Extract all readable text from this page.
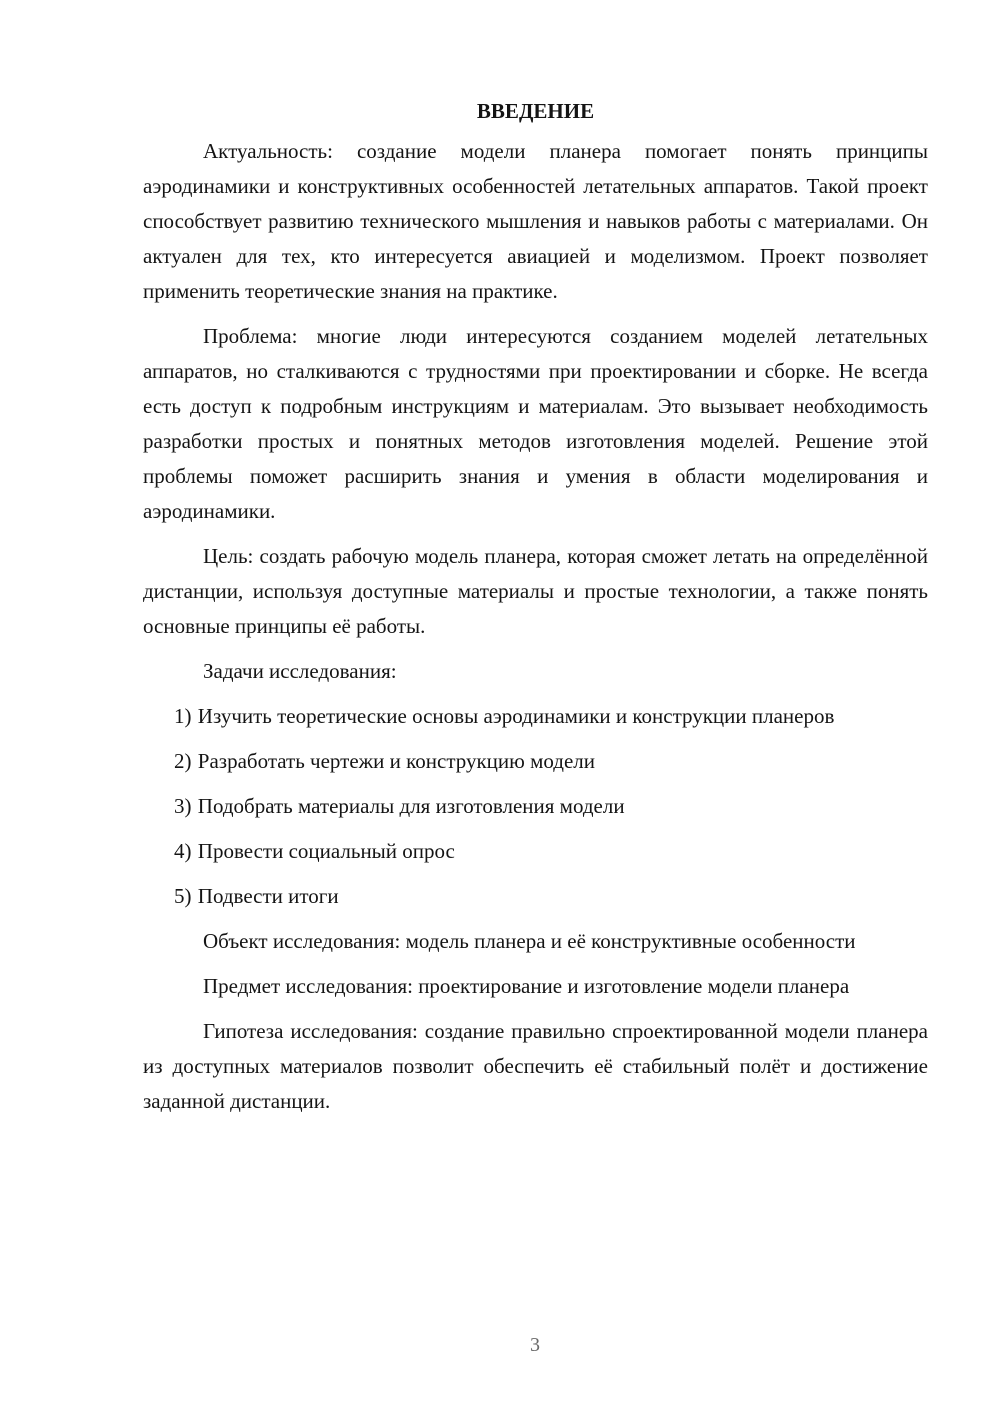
ВВЕДЕНИЕ

Актуальность: создание модели планера помогает понять принципы аэродинамики и конструктивных особенностей летательных аппаратов. Такой проект способствует развитию технического мышления и навыков работы с материалами. Он актуален для тех, кто интересуется авиацией и моделизмом. Проект позволяет применить теоретические знания на практике.

Проблема: многие люди интересуются созданием моделей летательных аппаратов, но сталкиваются с трудностями при проектировании и сборке. Не всегда есть доступ к подробным инструкциям и материалам. Это вызывает необходимость разработки простых и понятных методов изготовления моделей. Решение этой проблемы поможет расширить знания и умения в области моделирования и аэродинамики.

Цель: создать рабочую модель планера, которая сможет летать на определённой дистанции, используя доступные материалы и простые технологии, а также понять основные принципы её работы.

Задачи исследования:

1) Изучить теоретические основы аэродинамики и конструкции планеров

2) Разработать чертежи и конструкцию модели

3) Подобрать материалы для изготовления модели

4) Провести социальный опрос

5) Подвести итоги

Объект исследования: модель планера и её конструктивные особенности

Предмет исследования: проектирование и изготовление модели планера

Гипотеза исследования: создание правильно спроектированной модели планера из доступных материалов позволит обеспечить её стабильный полёт и достижение заданной дистанции.

3
